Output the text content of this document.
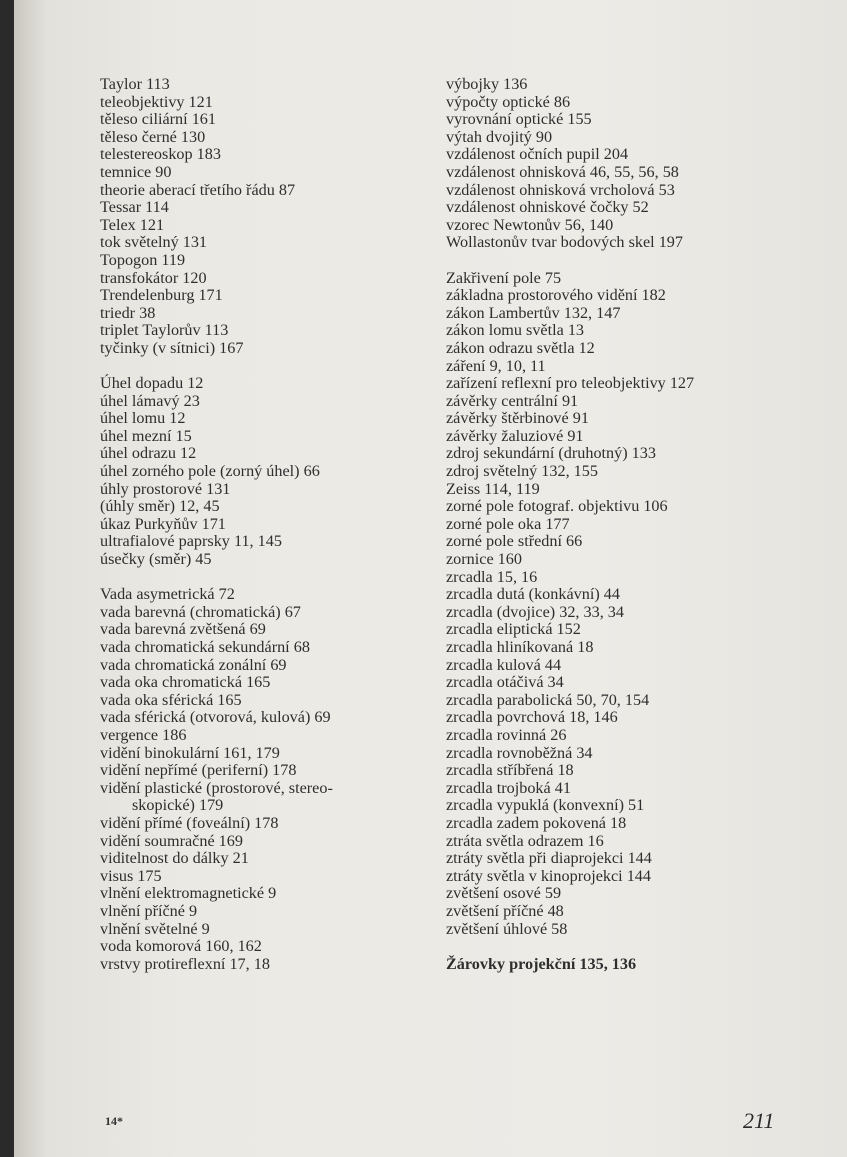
Taylor 113
teleobjektivy 121
těleso ciliární 161
těleso černé 130
telestereoskop 183
temnice 90
theorie aberací třetího řádu 87
Tessar 114
Telex 121
tok světelný 131
Topogon 119
transfokátor 120
Trendelenburg 171
triedr 38
triplet Taylorův 113
tyčinky (v sítnici) 167
Úhel dopadu 12
úhel lámavý 23
úhel lomu 12
úhel mezní 15
úhel odrazu 12
úhel zorného pole (zorný úhel) 66
úhly prostorové 131
(úhly směr) 12, 45
úkaz Purkyňův 171
ultrafialové paprsky 11, 145
úsečky (směr) 45
Vada asymetrická 72
vada barevná (chromatická) 67
vada barevná zvětšená 69
vada chromatická sekundární 68
vada chromatická zonální 69
vada oka chromatická 165
vada oka sférická 165
vada sférická (otvorová, kulová) 69
vergence 186
vidění binokulární 161, 179
vidění nepřímé (periferní) 178
vidění plastické (prostorové, stereo-
skopické) 179
vidění přímé (foveální) 178
vidění soumračné 169
viditelnost do dálky 21
visus 175
vlnění elektromagnetické 9
vlnění příčné 9
vlnění světelné 9
voda komorová 160, 162
vrstvy protireflexní 17, 18
výbojky 136
výpočty optické 86
vyrovnání optické 155
výtah dvojitý 90
vzdálenost očních pupil 204
vzdálenost ohnisková 46, 55, 56, 58
vzdálenost ohnisková vrcholová 53
vzdálenost ohniskové čočky 52
vzorec Newtonův 56, 140
Wollastonův tvar bodových skel 197
Zakřivení pole 75
základna prostorového vidění 182
zákon Lambertův 132, 147
zákon lomu světla 13
zákon odrazu světla 12
záření 9, 10, 11
zařízení reflexní pro teleobjektivy 127
závěrky centrální 91
závěrky štěrbinové 91
závěrky žaluziové 91
zdroj sekundární (druhotný) 133
zdroj světelný 132, 155
Zeiss 114, 119
zorné pole fotograf. objektivu 106
zorné pole oka 177
zorné pole střední 66
zornice 160
zrcadla 15, 16
zrcadla dutá (konkávní) 44
zrcadla (dvojice) 32, 33, 34
zrcadla eliptická 152
zrcadla hliníkovaná 18
zrcadla kulová 44
zrcadla otáčivá 34
zrcadla parabolická 50, 70, 154
zrcadla povrchová 18, 146
zrcadla rovinná 26
zrcadla rovnoběžná 34
zrcadla stříbřená 18
zrcadla trojboká 41
zrcadla vypuklá (konvexní) 51
zrcadla zadem pokovená 18
ztráta světla odrazem 16
ztráty světla při diaprojekci 144
ztráty světla v kinoprojekci 144
zvětšení osové 59
zvětšení příčné 48
zvětšení úhlové 58
Žárovky projekční 135, 136
14*	211
